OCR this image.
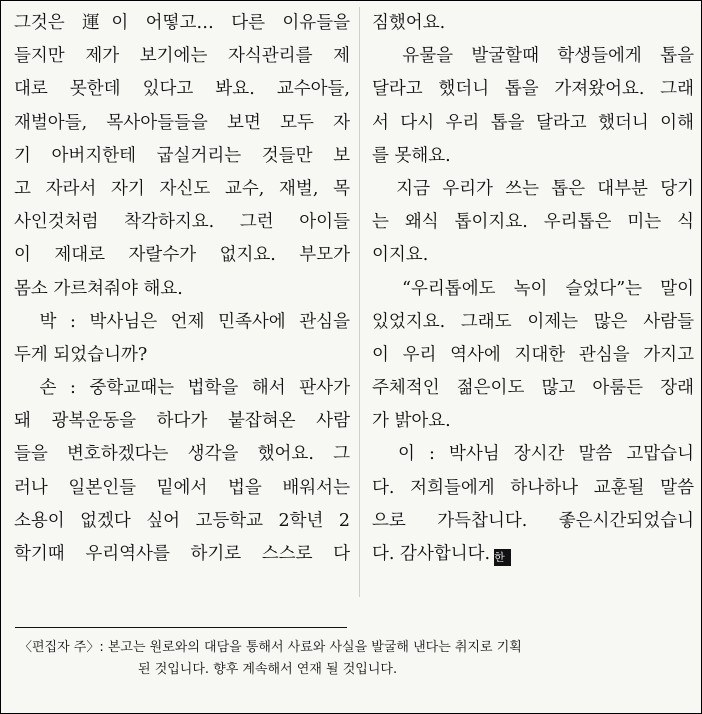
그것은 運이 어떻고… 다른 이유들을
들지만 제가 보기에는 자식관리를 제
대로 못한데 있다고 봐요. 교수아들,
재벌아들, 목사아들들을 보면 모두 자
기 아버지한테 굽실거리는 것들만 보
고 자라서 자기 자신도 교수, 재벌, 목
사인것처럼 착각하지요. 그런 아이들
이 제대로 자랄수가 없지요. 부모가
몸소 가르쳐줘야 해요.
　박 : 박사님은 언제 민족사에 관심을
두게 되었습니까?
　손 : 중학교때는 법학을 해서 판사가
돼 광복운동을 하다가 붙잡혀온 사람
들을 변호하겠다는 생각을 했어요. 그
러나 일본인들 밑에서 법을 배워서는
소용이 없겠다 싶어 고등학교 2학년 2
학기때 우리역사를 하기로 스스로 다
짐했어요.
　유물을 발굴할때 학생들에게 톱을
달라고 했더니 톱을 가져왔어요. 그래
서 다시 우리 톱을 달라고 했더니 이해
를 못해요.
　지금 우리가 쓰는 톱은 대부분 당기
는 왜식 톱이지요. 우리톱은 미는 식
이지요.
　“우리톱에도 녹이 슬었다”는 말이
있었지요. 그래도 이제는 많은 사람들
이 우리 역사에 지대한 관심을 가지고
주체적인 젊은이도 많고 아룸든 장래
가 밝아요.
　이 : 박사님 장시간 말씀 고맙습니
다. 저희들에게 하나하나 교훈될 말씀
으로 가득찹니다. 좋은시간되었습니
다. 감사합니다. 한
〈편집자 주〉: 본고는 원로와의 대담을 통해서 사료와 사실을 발굴해 낸다는 취지로 기획
된 것입니다. 향후 계속해서 연재 될 것입니다.
